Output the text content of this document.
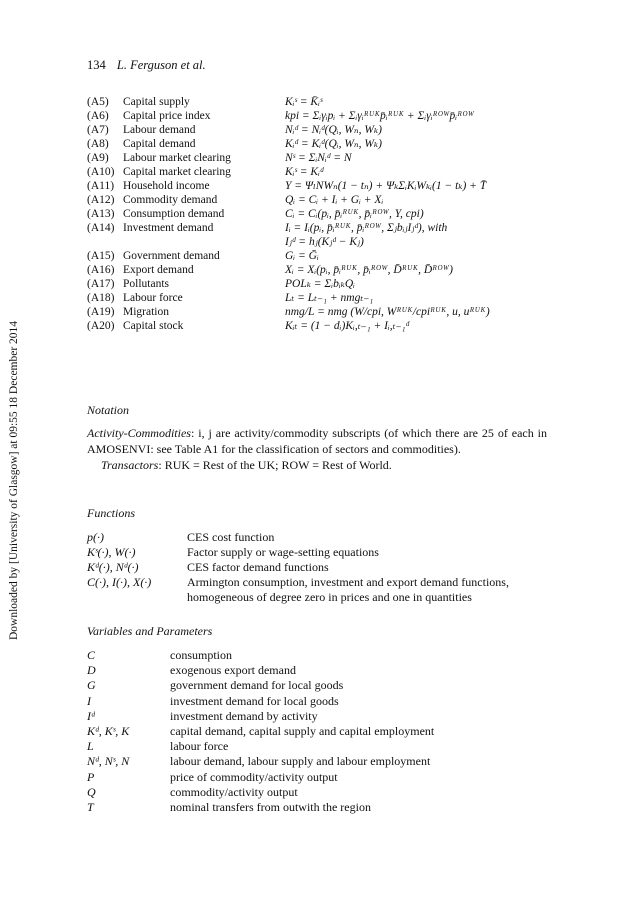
Downloaded by [University of Glasgow] at 09:55 18 December 2014
134 L. Ferguson et al.
(A5) Capital supply	Kᵢˢ = K̄ᵢˢ
(A6) Capital price index	kpi = Σᵢγᵢpᵢ + Σᵢγᵢᴿᵁᴷp̄ᵢᴿᵁᴷ + Σᵢγᵢᴿᴼᵂp̄ᵢᴿᴼᵂ
(A7) Labour demand	Nᵢᵈ = Nᵢᵈ(Qᵢ, Wₙ, Wₖ)
(A8) Capital demand	Kᵢᵈ = Kᵢᵈ(Qᵢ, Wₙ, Wₖ)
(A9) Labour market clearing	Nˢ = ΣᵢNᵢᵈ = N
(A10) Capital market clearing	Kᵢˢ = Kᵢᵈ
(A11) Household income	Y = ΨₗNWₙ(1 − tₙ) + ΨₖΣᵢKᵢWₖᵢ(1 − tₖ) + T̄
(A12) Commodity demand	Qᵢ = Cᵢ + Iᵢ + Gᵢ + Xᵢ
(A13) Consumption demand	Cᵢ = Cᵢ(pᵢ, p̄ᵢᴿᵁᴷ, p̄ᵢᴿᴼᵂ, Y, cpi)
(A14) Investment demand	Iᵢ = Iᵢ(pᵢ, p̄ᵢᴿᵁᴷ, p̄ᵢᴿᴼᵂ, ΣⱼbᵢⱼIⱼᵈ), with
Iⱼᵈ = hⱼ(Kⱼᵈ − Kⱼ)
(A15) Government demand	Gᵢ = Ḡᵢ
(A16) Export demand	Xᵢ = Xᵢ(pᵢ, p̄ᵢᴿᵁᴷ, p̄ᵢᴿᴼᵂ, D̄ᴿᵁᴷ, D̄ᴿᴼᵂ)
(A17) Pollutants	POLₖ = ΣᵢbᵢₖQᵢ
(A18) Labour force	Lₜ = Lₜ₋₁ + nmgₜ₋₁
(A19) Migration	nmg/L = nmg (W/cpi, Wᴿᵁᴷ/cpiᴿᵁᴷ, u, uᴿᵁᴷ)
(A20) Capital stock	Kᵢₜ = (1 − dᵢ)Kᵢ,ₜ₋₁ + Iᵢ,ₜ₋₁ᵈ
Notation
Activity-Commodities: i, j are activity/commodity subscripts (of which there are 25 of each in AMOSENVI: see Table A1 for the classification of sectors and commodities).
Transactors: RUK = Rest of the UK; ROW = Rest of World.
Functions
p(·)	CES cost function
Kˢ(·), W(·)	Factor supply or wage-setting equations
Kᵈ(·), Nᵈ(·)	CES factor demand functions
C(·), I(·), X(·)	Armington consumption, investment and export demand functions, homogeneous of degree zero in prices and one in quantities
Variables and Parameters
C	consumption
D	exogenous export demand
G	government demand for local goods
I	investment demand for local goods
Iᵈ	investment demand by activity
Kᵈ, Kˢ, K	capital demand, capital supply and capital employment
L	labour force
Nᵈ, Nˢ, N	labour demand, labour supply and labour employment
P	price of commodity/activity output
Q	commodity/activity output
T	nominal transfers from outwith the region
